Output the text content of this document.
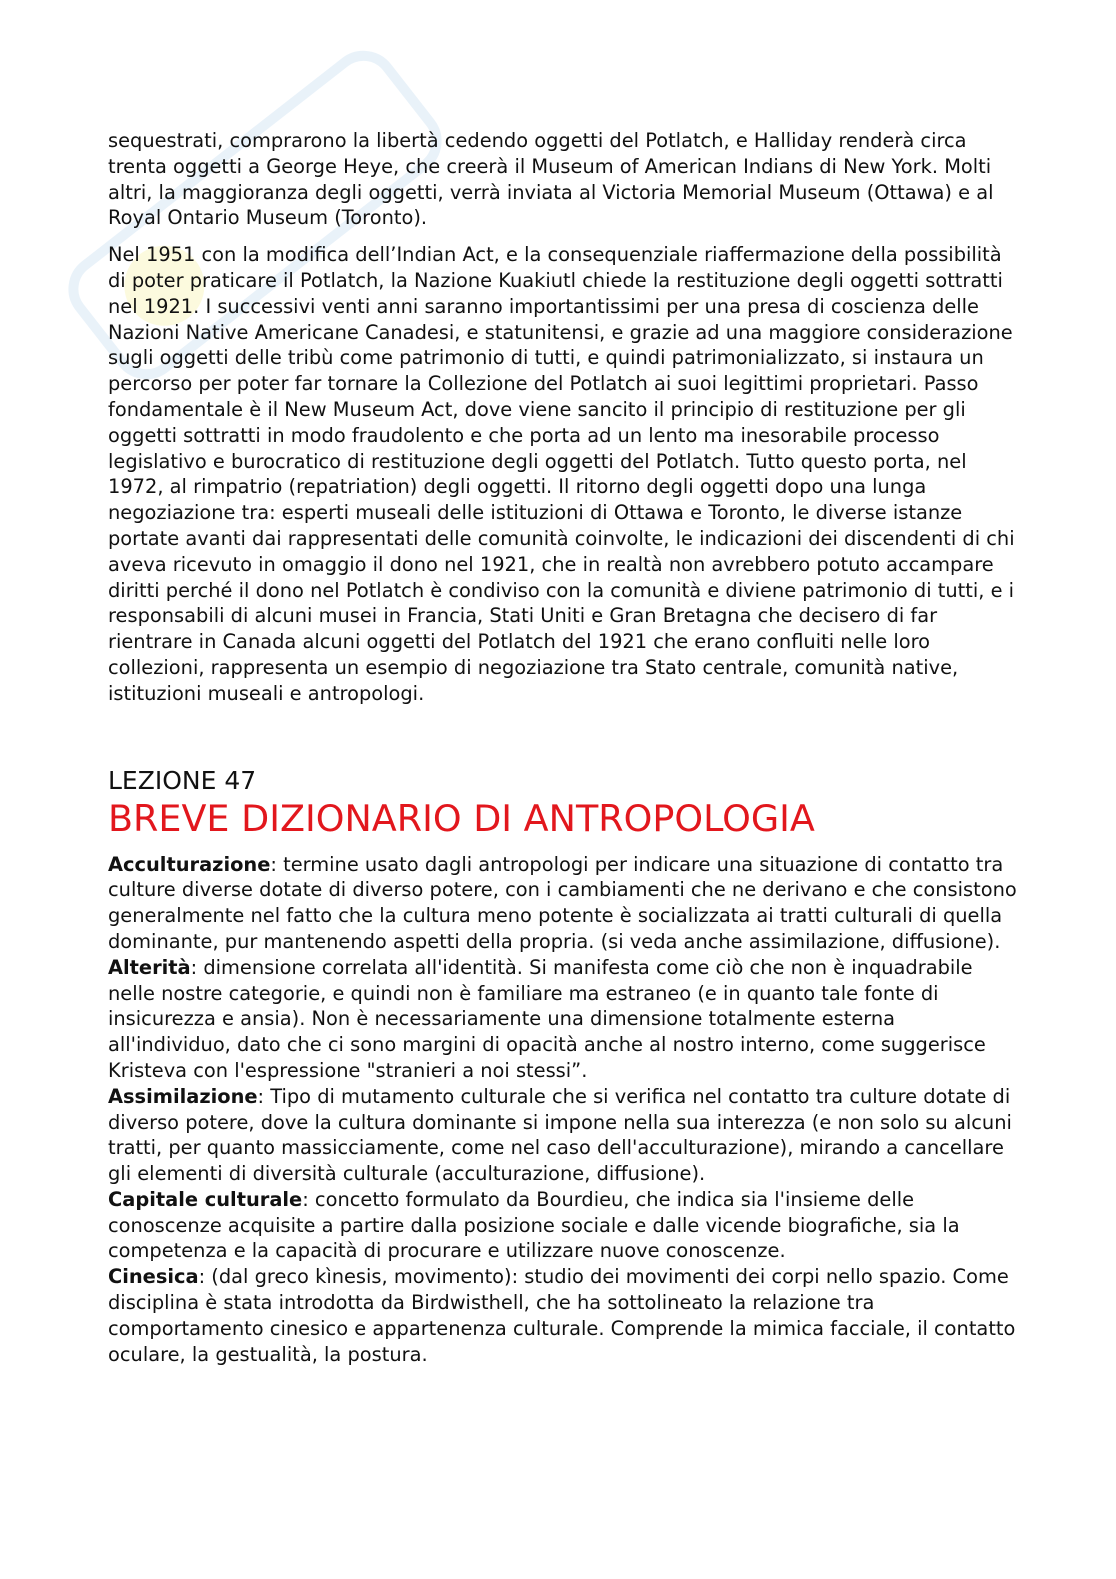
sequestrati, comprarono la libertà cedendo oggetti del Potlatch, e Halliday renderà circa trenta oggetti a George Heye, che creerà il Museum of American Indians di New York. Molti altri, la maggioranza degli oggetti, verrà inviata al Victoria Memorial Museum (Ottawa) e al Royal Ontario Museum (Toronto).

Nel 1951 con la modifica dell’Indian Act, e la consequenziale riaffermazione della possibilità di poter praticare il Potlatch, la Nazione Kuakiutl chiede la restituzione degli oggetti sottratti nel 1921. I successivi venti anni saranno importantissimi per una presa di coscienza delle Nazioni Native Americane Canadesi, e statunitensi, e grazie ad una maggiore considerazione sugli oggetti delle tribù come patrimonio di tutti, e quindi patrimonializzato, si instaura un percorso per poter far tornare la Collezione del Potlatch ai suoi legittimi proprietari. Passo fondamentale è il New Museum Act, dove viene sancito il principio di restituzione per gli oggetti sottratti in modo fraudolento e che porta ad un lento ma inesorabile processo legislativo e burocratico di restituzione degli oggetti del Potlatch. Tutto questo porta, nel 1972, al rimpatrio (repatriation) degli oggetti. Il ritorno degli oggetti dopo una lunga negoziazione tra: esperti museali delle istituzioni di Ottawa e Toronto, le diverse istanze portate avanti dai rappresentati delle comunità coinvolte, le indicazioni dei discendenti di chi aveva ricevuto in omaggio il dono nel 1921, che in realtà non avrebbero potuto accampare diritti perché il dono nel Potlatch è condiviso con la comunità e diviene patrimonio di tutti, e i responsabili di alcuni musei in Francia, Stati Uniti e Gran Bretagna che decisero di far rientrare in Canada alcuni oggetti del Potlatch del 1921 che erano confluiti nelle loro collezioni, rappresenta un esempio di negoziazione tra Stato centrale, comunità native, istituzioni museali e antropologi.

LEZIONE 47
BREVE DIZIONARIO DI ANTROPOLOGIA

Acculturazione: termine usato dagli antropologi per indicare una situazione di contatto tra culture diverse dotate di diverso potere, con i cambiamenti che ne derivano e che consistono generalmente nel fatto che la cultura meno potente è socializzata ai tratti culturali di quella dominante, pur mantenendo aspetti della propria. (si veda anche assimilazione, diffusione).

Alterità: dimensione correlata all'identità. Si manifesta come ciò che non è inquadrabile nelle nostre categorie, e quindi non è familiare ma estraneo (e in quanto tale fonte di insicurezza e ansia). Non è necessariamente una dimensione totalmente esterna all'individuo, dato che ci sono margini di opacità anche al nostro interno, come suggerisce Kristeva con l'espressione "stranieri a noi stessi”.

Assimilazione: Tipo di mutamento culturale che si verifica nel contatto tra culture dotate di diverso potere, dove la cultura dominante si impone nella sua interezza (e non solo su alcuni tratti, per quanto massicciamente, come nel caso dell'acculturazione), mirando a cancellare gli elementi di diversità culturale (acculturazione, diffusione).

Capitale culturale: concetto formulato da Bourdieu, che indica sia l'insieme delle conoscenze acquisite a partire dalla posizione sociale e dalle vicende biografiche, sia la competenza e la capacità di procurare e utilizzare nuove conoscenze.

Cinesica: (dal greco kìnesis, movimento): studio dei movimenti dei corpi nello spazio. Come disciplina è stata introdotta da Birdwisthell, che ha sottolineato la relazione tra comportamento cinesico e appartenenza culturale. Comprende la mimica facciale, il contatto oculare, la gestualità, la postura.
